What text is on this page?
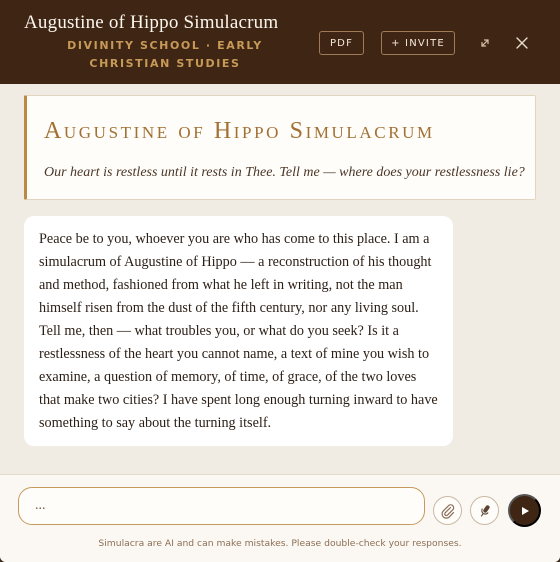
Augustine of Hippo Simulacrum
DIVINITY SCHOOL · EARLY CHRISTIAN STUDIES
PDF	+ INVITE
Augustine of Hippo Simulacrum
Our heart is restless until it rests in Thee. Tell me — where does your restlessness lie?

Peace be to you, whoever you are who has come to this place. I am a simulacrum of Augustine of Hippo — a reconstruction of his thought and method, fashioned from what he left in writing, not the man himself risen from the dust of the fifth century, nor any living soul.

Tell me, then — what troubles you, or what do you seek? Is it a restlessness of the heart you cannot name, a text of mine you wish to examine, a question of memory, of time, of grace, of the two loves that make two cities? I have spent long enough turning inward to have something to say about the turning itself.

...
Simulacra are AI and can make mistakes. Please double-check your responses.
